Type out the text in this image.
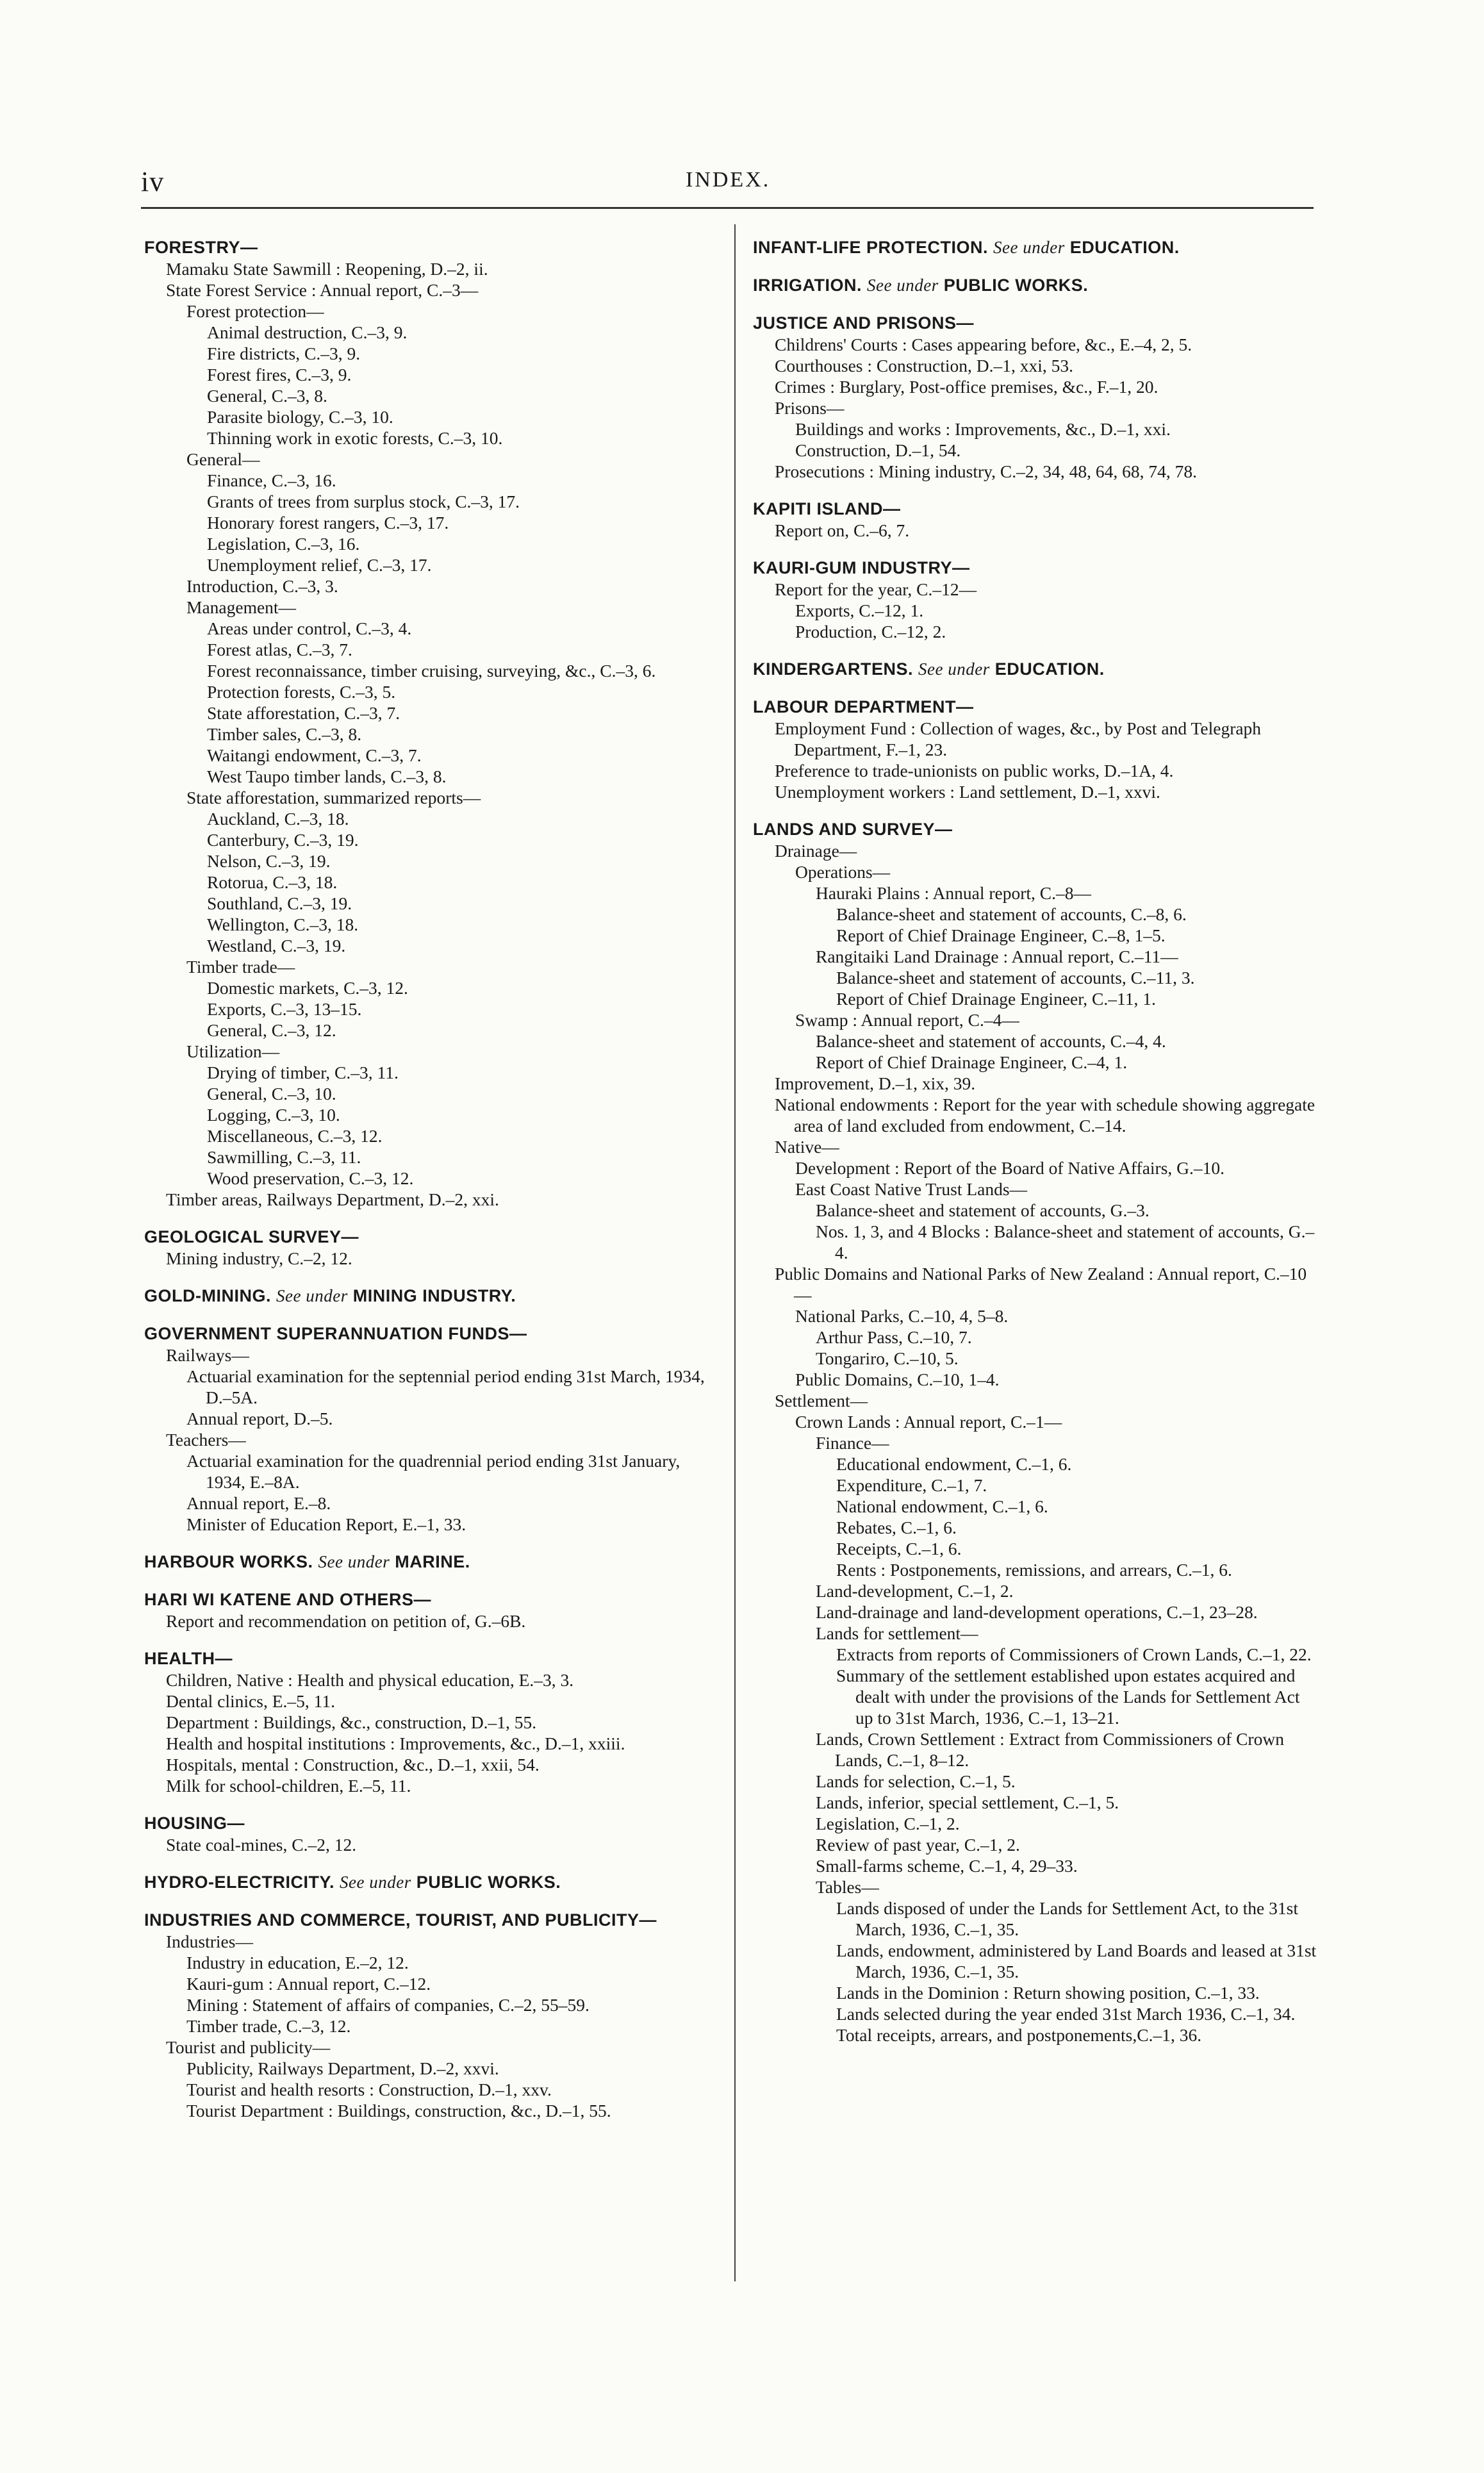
iv	INDEX.
FORESTRY—
Mamaku State Sawmill : Reopening, D.–2, ii.
State Forest Service : Annual report, C.–3—
Forest protection—
Animal destruction, C.–3, 9.
Fire districts, C.–3, 9.
Forest fires, C.–3, 9.
General, C.–3, 8.
Parasite biology, C.–3, 10.
Thinning work in exotic forests, C.–3, 10.
General—
Finance, C.–3, 16.
Grants of trees from surplus stock, C.–3, 17.
Honorary forest rangers, C.–3, 17.
Legislation, C.–3, 16.
Unemployment relief, C.–3, 17.
Introduction, C.–3, 3.
Management—
Areas under control, C.–3, 4.
Forest atlas, C.–3, 7.
Forest reconnaissance, timber cruising, surveying, &c., C.–3, 6.
Protection forests, C.–3, 5.
State afforestation, C.–3, 7.
Timber sales, C.–3, 8.
Waitangi endowment, C.–3, 7.
West Taupo timber lands, C.–3, 8.
State afforestation, summarized reports—
Auckland, C.–3, 18.
Canterbury, C.–3, 19.
Nelson, C.–3, 19.
Rotorua, C.–3, 18.
Southland, C.–3, 19.
Wellington, C.–3, 18.
Westland, C.–3, 19.
Timber trade—
Domestic markets, C.–3, 12.
Exports, C.–3, 13–15.
General, C.–3, 12.
Utilization—
Drying of timber, C.–3, 11.
General, C.–3, 10.
Logging, C.–3, 10.
Miscellaneous, C.–3, 12.
Sawmilling, C.–3, 11.
Wood preservation, C.–3, 12.
Timber areas, Railways Department, D.–2, xxi.
GEOLOGICAL SURVEY—
Mining industry, C.–2, 12.
GOLD-MINING. See under MINING INDUSTRY.
GOVERNMENT SUPERANNUATION FUNDS—
Railways—
Actuarial examination for the septennial period ending 31st March, 1934, D.–5A.
Annual report, D.–5.
Teachers—
Actuarial examination for the quadrennial period ending 31st January, 1934, E.–8A.
Annual report, E.–8.
Minister of Education Report, E.–1, 33.
HARBOUR WORKS. See under MARINE.
HARI WI KATENE AND OTHERS—
Report and recommendation on petition of, G.–6B.
HEALTH—
Children, Native : Health and physical education, E.–3, 3.
Dental clinics, E.–5, 11.
Department : Buildings, &c., construction, D.–1, 55.
Health and hospital institutions : Improvements, &c., D.–1, xxiii.
Hospitals, mental : Construction, &c., D.–1, xxii, 54.
Milk for school-children, E.–5, 11.
HOUSING—
State coal-mines, C.–2, 12.
HYDRO-ELECTRICITY. See under PUBLIC WORKS.
INDUSTRIES AND COMMERCE, TOURIST, AND PUBLICITY—
Industries—
Industry in education, E.–2, 12.
Kauri-gum : Annual report, C.–12.
Mining : Statement of affairs of companies, C.–2, 55–59.
Timber trade, C.–3, 12.
Tourist and publicity—
Publicity, Railways Department, D.–2, xxvi.
Tourist and health resorts : Construction, D.–1, xxv.
Tourist Department : Buildings, construction, &c., D.–1, 55.
INFANT-LIFE PROTECTION. See under EDUCATION.
IRRIGATION. See under PUBLIC WORKS.
JUSTICE AND PRISONS—
Childrens' Courts : Cases appearing before, &c., E.–4, 2, 5.
Courthouses : Construction, D.–1, xxi, 53.
Crimes : Burglary, Post-office premises, &c., F.–1, 20.
Prisons—
Buildings and works : Improvements, &c., D.–1, xxi.
Construction, D.–1, 54.
Prosecutions : Mining industry, C.–2, 34, 48, 64, 68, 74, 78.
KAPITI ISLAND—
Report on, C.–6, 7.
KAURI-GUM INDUSTRY—
Report for the year, C.–12—
Exports, C.–12, 1.
Production, C.–12, 2.
KINDERGARTENS. See under EDUCATION.
LABOUR DEPARTMENT—
Employment Fund : Collection of wages, &c., by Post and Telegraph Department, F.–1, 23.
Preference to trade-unionists on public works, D.–1A, 4.
Unemployment workers : Land settlement, D.–1, xxvi.
LANDS AND SURVEY—
Drainage—
Operations—
Hauraki Plains : Annual report, C.–8—
Balance-sheet and statement of accounts, C.–8, 6.
Report of Chief Drainage Engineer, C.–8, 1–5.
Rangitaiki Land Drainage : Annual report, C.–11—
Balance-sheet and statement of accounts, C.–11, 3.
Report of Chief Drainage Engineer, C.–11, 1.
Swamp : Annual report, C.–4—
Balance-sheet and statement of accounts, C.–4, 4.
Report of Chief Drainage Engineer, C.–4, 1.
Improvement, D.–1, xix, 39.
National endowments : Report for the year with schedule showing aggregate area of land excluded from endowment, C.–14.
Native—
Development : Report of the Board of Native Affairs, G.–10.
East Coast Native Trust Lands—
Balance-sheet and statement of accounts, G.–3.
Nos. 1, 3, and 4 Blocks : Balance-sheet and statement of accounts, G.–4.
Public Domains and National Parks of New Zealand : Annual report, C.–10—
National Parks, C.–10, 4, 5–8.
Arthur Pass, C.–10, 7.
Tongariro, C.–10, 5.
Public Domains, C.–10, 1–4.
Settlement—
Crown Lands : Annual report, C.–1—
Finance—
Educational endowment, C.–1, 6.
Expenditure, C.–1, 7.
National endowment, C.–1, 6.
Rebates, C.–1, 6.
Receipts, C.–1, 6.
Rents : Postponements, remissions, and arrears, C.–1, 6.
Land-development, C.–1, 2.
Land-drainage and land-development operations, C.–1, 23–28.
Lands for settlement—
Extracts from reports of Commissioners of Crown Lands, C.–1, 22.
Summary of the settlement established upon estates acquired and dealt with under the provisions of the Lands for Settlement Act up to 31st March, 1936, C.–1, 13–21.
Lands, Crown Settlement : Extract from Commissioners of Crown Lands, C.–1, 8–12.
Lands for selection, C.–1, 5.
Lands, inferior, special settlement, C.–1, 5.
Legislation, C.–1, 2.
Review of past year, C.–1, 2.
Small-farms scheme, C.–1, 4, 29–33.
Tables—
Lands disposed of under the Lands for Settlement Act, to the 31st March, 1936, C.–1, 35.
Lands, endowment, administered by Land Boards and leased at 31st March, 1936, C.–1, 35.
Lands in the Dominion : Return showing position, C.–1, 33.
Lands selected during the year ended 31st March 1936, C.–1, 34.
Total receipts, arrears, and postponements,C.–1, 36.
